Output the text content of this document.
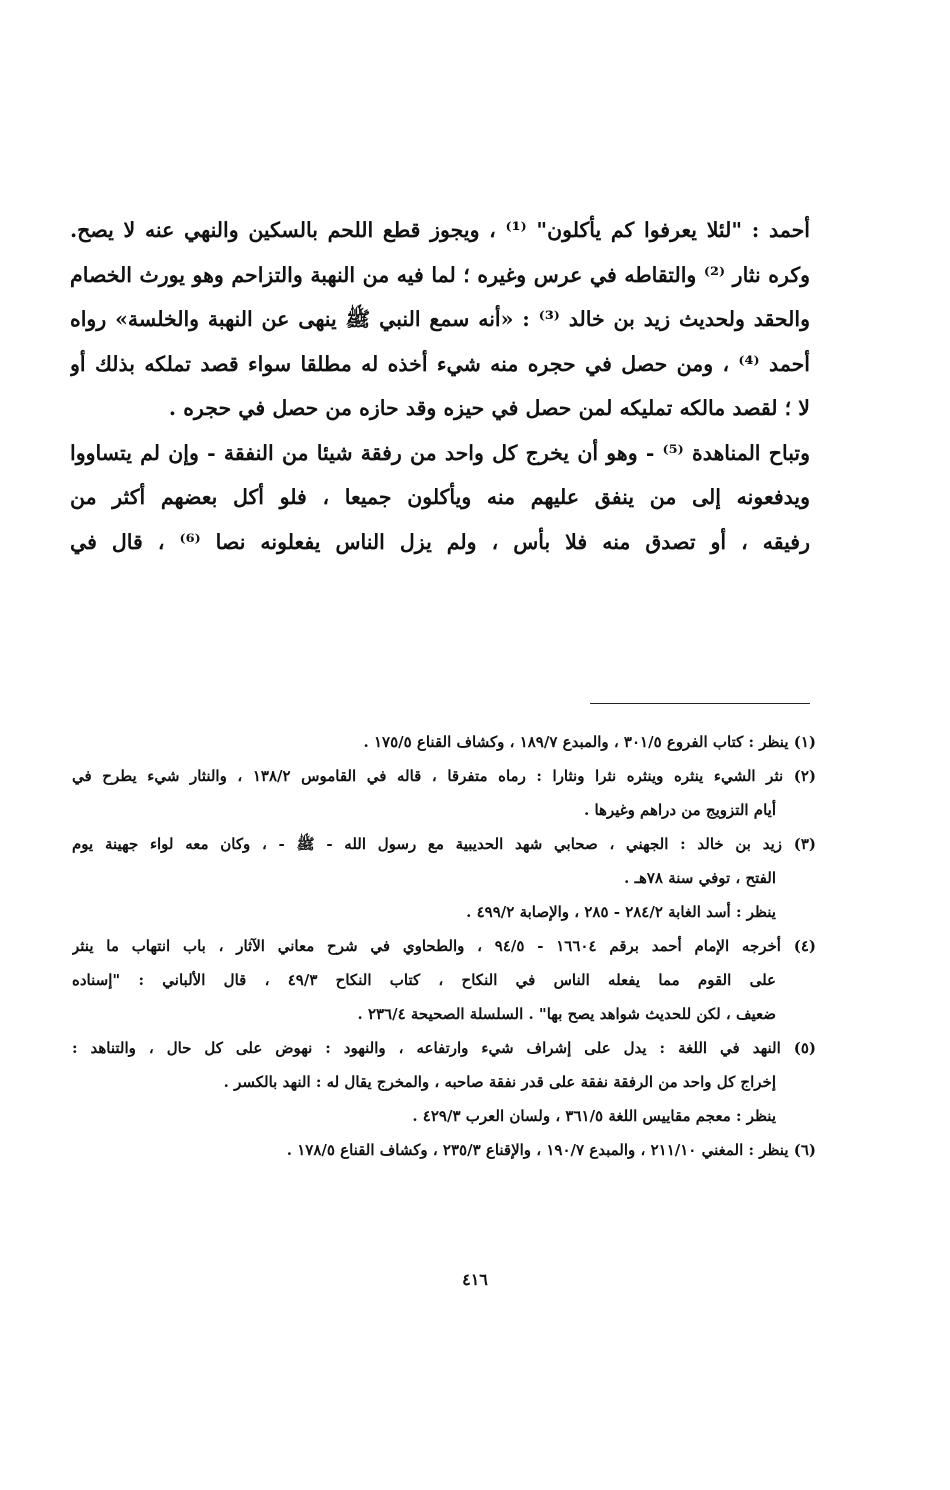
أحمد : "لئلا يعرفوا كم يأكلون" ⁽¹⁾ ، ويجوز قطع اللحم بالسكين والنهي عنه لا يصح.
وكره نثار ⁽²⁾ والتقاطه في عرس وغيره ؛ لما فيه من النهبة والتزاحم وهو يورث الخصام
والحقد ولحديث زيد بن خالد ⁽³⁾ : «أنه سمع النبي ﷺ ينهى عن النهبة والخلسة» رواه
أحمد ⁽⁴⁾ ، ومن حصل في حجره منه شيء أخذه له مطلقا سواء قصد تملكه بذلك أو
لا ؛ لقصد مالكه تمليكه لمن حصل في حيزه وقد حازه من حصل في حجره .
وتباح المناهدة ⁽⁵⁾ - وهو أن يخرج كل واحد من رفقة شيئا من النفقة - وإن لم يتساووا
ويدفعونه إلى من ينفق عليهم منه ويأكلون جميعا ، فلو أكل بعضهم أكثر من
رفيقه ، أو تصدق منه فلا بأس ، ولم يزل الناس يفعلونه نصا ⁽⁶⁾ ، قال في
(١) ينظر : كتاب الفروع ٣٠١/٥ ، والمبدع ١٨٩/٧ ، وكشاف القناع ١٧٥/٥ .
(٢) نثر الشيء ينثره وينثره نثرا ونثارا : رماه متفرقا ، قاله في القاموس ١٣٨/٢ ، والنثار شيء يطرح في
أيام التزويج من دراهم وغيرها .
(٣) زيد بن خالد : الجهني ، صحابي شهد الحديبية مع رسول الله - ﷺ - ، وكان معه لواء جهينة يوم
الفتح ، توفي سنة ٧٨هـ .
ينظر : أسد الغابة ٢٨٤/٢ - ٢٨٥ ، والإصابة ٤٩٩/٢ .
(٤) أخرجه الإمام أحمد برقم ١٦٦٠٤ - ٩٤/٥ ، والطحاوي في شرح معاني الآثار ، باب انتهاب ما ينثر
على القوم مما يفعله الناس في النكاح ، كتاب النكاح ٤٩/٣ ، قال الألباني : "إسناده
ضعيف ، لكن للحديث شواهد يصح بها" . السلسلة الصحيحة ٢٣٦/٤ .
(٥) النهد في اللغة : يدل على إشراف شيء وارتفاعه ، والنهود : نهوض على كل حال ، والتناهد :
إخراج كل واحد من الرفقة نفقة على قدر نفقة صاحبه ، والمخرج يقال له : النهد بالكسر .
ينظر : معجم مقاييس اللغة ٣٦١/٥ ، ولسان العرب ٤٢٩/٣ .
(٦) ينظر : المغني ٢١١/١٠ ، والمبدع ١٩٠/٧ ، والإقناع ٢٣٥/٣ ، وكشاف القناع ١٧٨/٥ .
٤١٦
